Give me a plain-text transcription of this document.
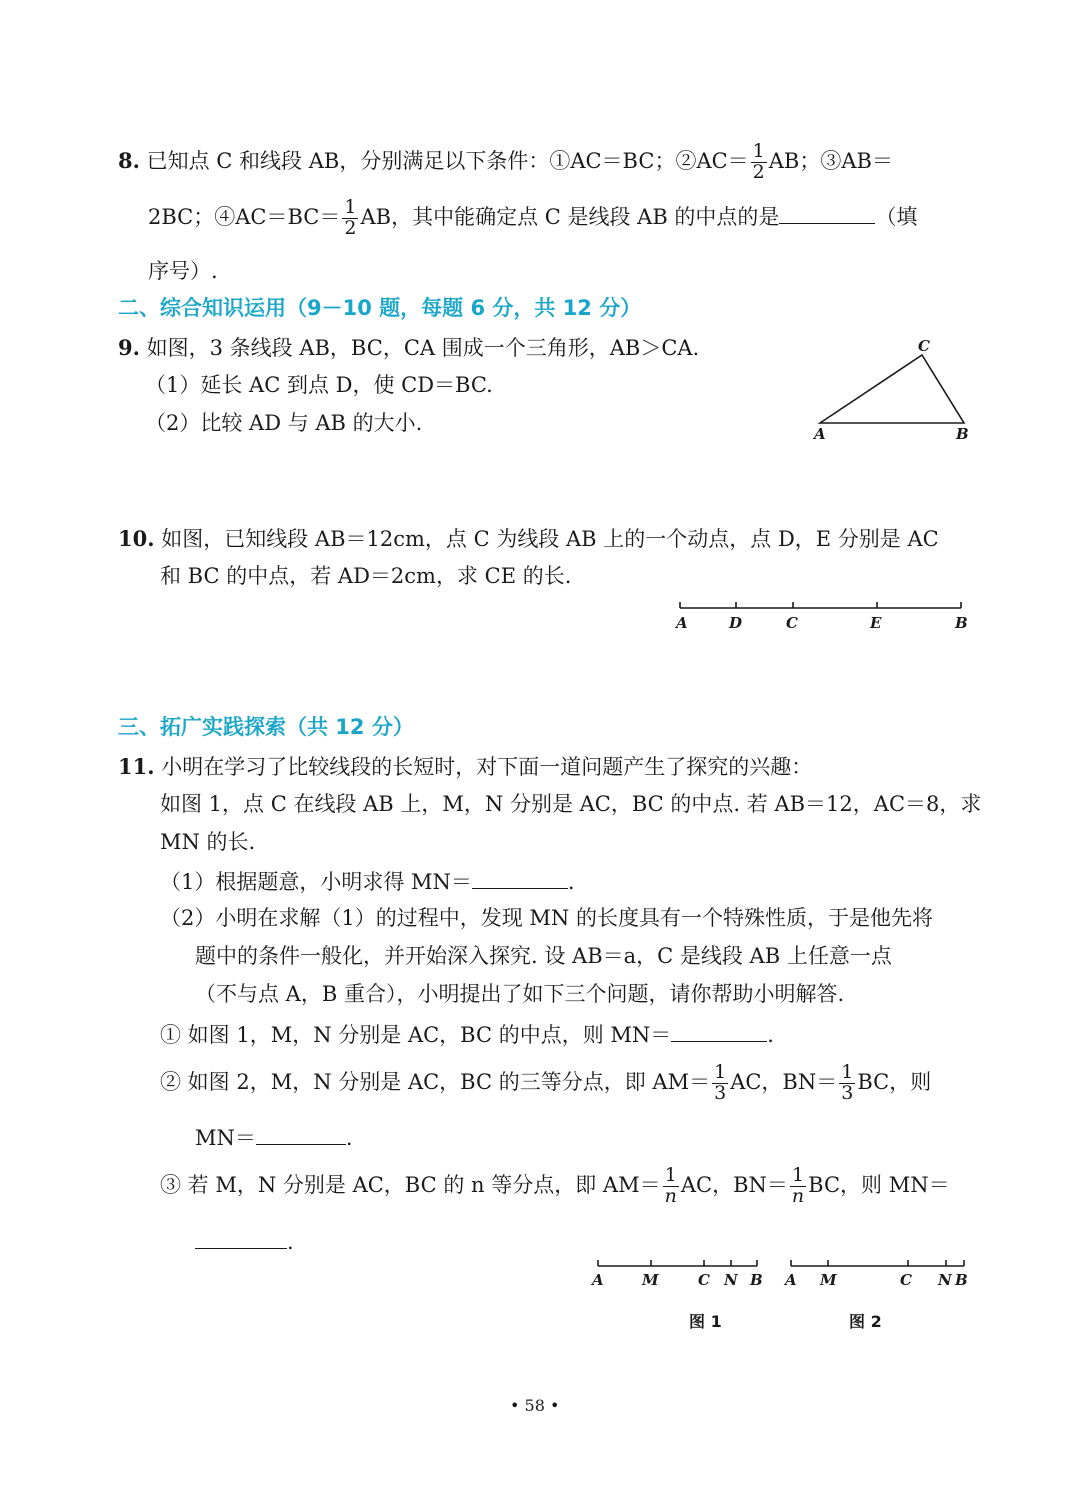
8. 已知点 C 和线段 AB，分别满足以下条件：①AC＝BC；②AC＝ $\frac{1}{2}$ AB；③AB＝
2BC；④AC＝BC＝ $\frac{1}{2}$ AB，其中能确定点 C 是线段 AB 的中点的是	（填
序号）.
二、综合知识运用（9－10 题，每题 6 分，共 12 分）
9. 如图，3 条线段 AB，BC，CA 围成一个三角形，AB＞CA.
（1）延长 AC 到点 D，使 CD＝BC.
（2）比较 AD 与 AB 的大小.
C
A	B
10. 如图，已知线段 AB＝12cm，点 C 为线段 AB 上的一个动点，点 D，E 分别是 AC
和 BC 的中点，若 AD＝2cm，求 CE 的长.
A	D	C	E	B
三、拓广实践探索（共 12 分）
11. 小明在学习了比较线段的长短时，对下面一道问题产生了探究的兴趣：
如图 1，点 C 在线段 AB 上，M，N 分别是 AC，BC 的中点. 若 AB＝12，AC＝8，求
MN 的长.
（1）根据题意，小明求得 MN＝	.
（2）小明在求解（1）的过程中，发现 MN 的长度具有一个特殊性质，于是他先将
题中的条件一般化，并开始深入探究. 设 AB＝a，C 是线段 AB 上任意一点
（不与点 A，B 重合），小明提出了如下三个问题，请你帮助小明解答.
① 如图 1，M，N 分别是 AC，BC 的中点，则 MN＝	.
② 如图 2，M，N 分别是 AC，BC 的三等分点，即 $AM= \frac{1}{3}$ AC，$BN= \frac{1}{3}$ BC，则
MN＝	.
③ 若 M，N 分别是 AC，BC 的 n 等分点，即 $AM= \frac{1}{n}$ AC，$BN= \frac{1}{n}$ BC，则 MN＝
.
A	M	C N B
图 1
A M	C N B
图 2
• 58 •
